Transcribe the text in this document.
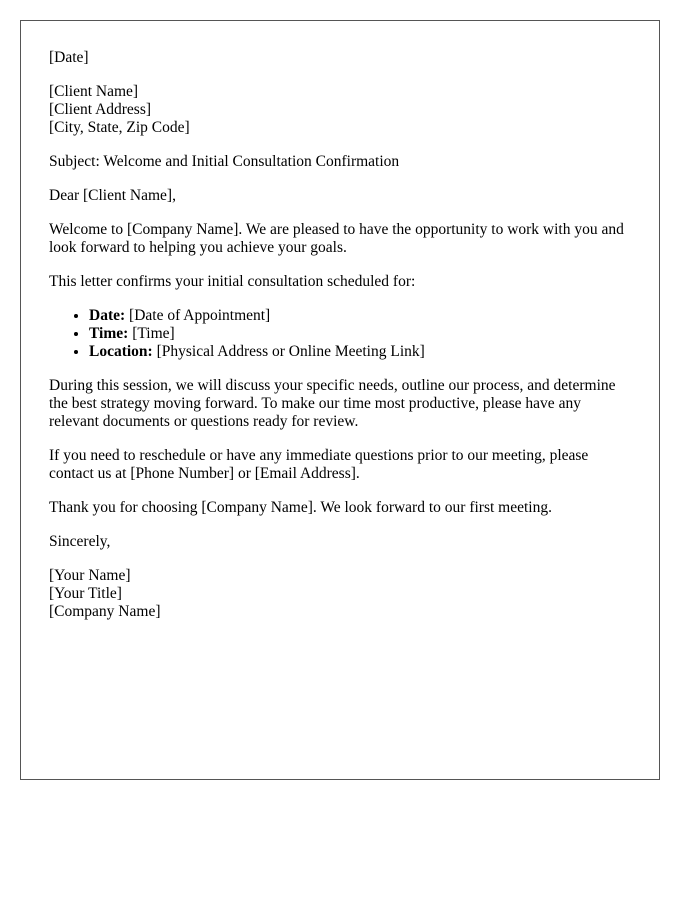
[Date]

[Client Name]
[Client Address]
[City, State, Zip Code]

Subject: Welcome and Initial Consultation Confirmation

Dear [Client Name],

Welcome to [Company Name]. We are pleased to have the opportunity to work with you and look forward to helping you achieve your goals.

This letter confirms your initial consultation scheduled for:

• Date: [Date of Appointment]
• Time: [Time]
• Location: [Physical Address or Online Meeting Link]

During this session, we will discuss your specific needs, outline our process, and determine the best strategy moving forward. To make our time most productive, please have any relevant documents or questions ready for review.

If you need to reschedule or have any immediate questions prior to our meeting, please contact us at [Phone Number] or [Email Address].

Thank you for choosing [Company Name]. We look forward to our first meeting.

Sincerely,

[Your Name]
[Your Title]
[Company Name]
